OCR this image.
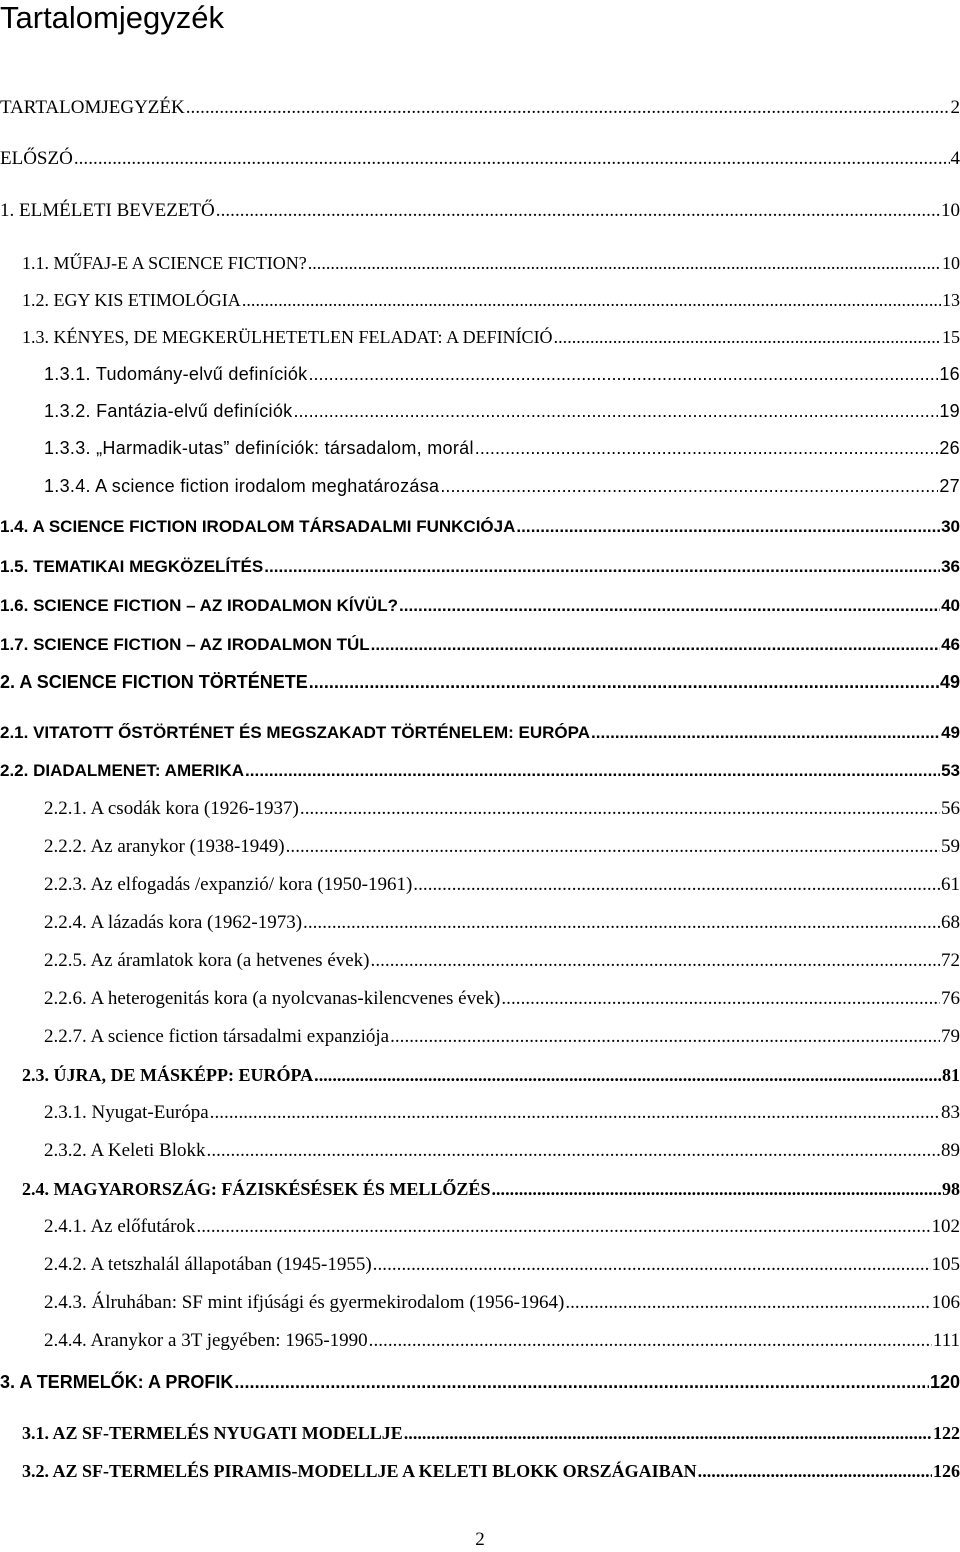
Tartalomjegyzék
TARTALOMJEGYZÉK .....	2
ELŐSZÓ .....	4
1. ELMÉLETI BEVEZETŐ .....	10
1.1. MŰFAJ-E A SCIENCE FICTION? .....	10
1.2. EGY KIS ETIMOLÓGIA .....	13
1.3. KÉNYES, DE MEGKERÜLHETETLEN FELADAT: A DEFINÍCIÓ .....	15
1.3.1. Tudomány-elvű definíciók .....	16
1.3.2. Fantázia-elvű definíciók .....	19
1.3.3. „Harmadik-utas” definíciók: társadalom, morál .....	26
1.3.4. A science fiction irodalom meghatározása .....	27
1.4. A SCIENCE FICTION IRODALOM TÁRSADALMI FUNKCIÓJA .....	30
1.5. TEMATIKAI MEGKÖZELÍTÉS .....	36
1.6. SCIENCE FICTION – AZ IRODALMON KÍVÜL? .....	40
1.7. SCIENCE FICTION – AZ IRODALMON TÚL .....	46
2. A SCIENCE FICTION TÖRTÉNETE .....	49
2.1. VITATOTT ŐSTÖRTÉNET ÉS MEGSZAKADT TÖRTÉNELEM: EURÓPA .....	49
2.2. DIADALMENET: AMERIKA .....	53
2.2.1. A csodák kora (1926-1937) .....	56
2.2.2. Az aranykor (1938-1949) .....	59
2.2.3. Az elfogadás /expanzió/ kora (1950-1961) .....	61
2.2.4. A lázadás kora (1962-1973) .....	68
2.2.5. Az áramlatok kora (a hetvenes évek) .....	72
2.2.6. A heterogenitás kora (a nyolcvanas-kilencvenes évek) .....	76
2.2.7. A science fiction társadalmi expanziója .....	79
2.3. ÚJRA, DE MÁSKÉPP: EURÓPA .....	81
2.3.1. Nyugat-Európa .....	83
2.3.2. A Keleti Blokk .....	89
2.4. MAGYARORSZÁG: FÁZISKÉSÉSEK ÉS MELLŐZÉS .....	98
2.4.1. Az előfutárok .....	102
2.4.2. A tetszhalál állapotában (1945-1955) .....	105
2.4.3. Álruhában: SF mint ifjúsági és gyermekirodalom (1956-1964) .....	106
2.4.4. Aranykor a 3T jegyében: 1965-1990 .....	111
3. A TERMELŐK: A PROFIK .....	120
3.1. AZ SF-TERMELÉS NYUGATI MODELLJE .....	122
3.2. AZ SF-TERMELÉS PIRAMIS-MODELLJE A KELETI BLOKK ORSZÁGAIBAN .....	126
2
